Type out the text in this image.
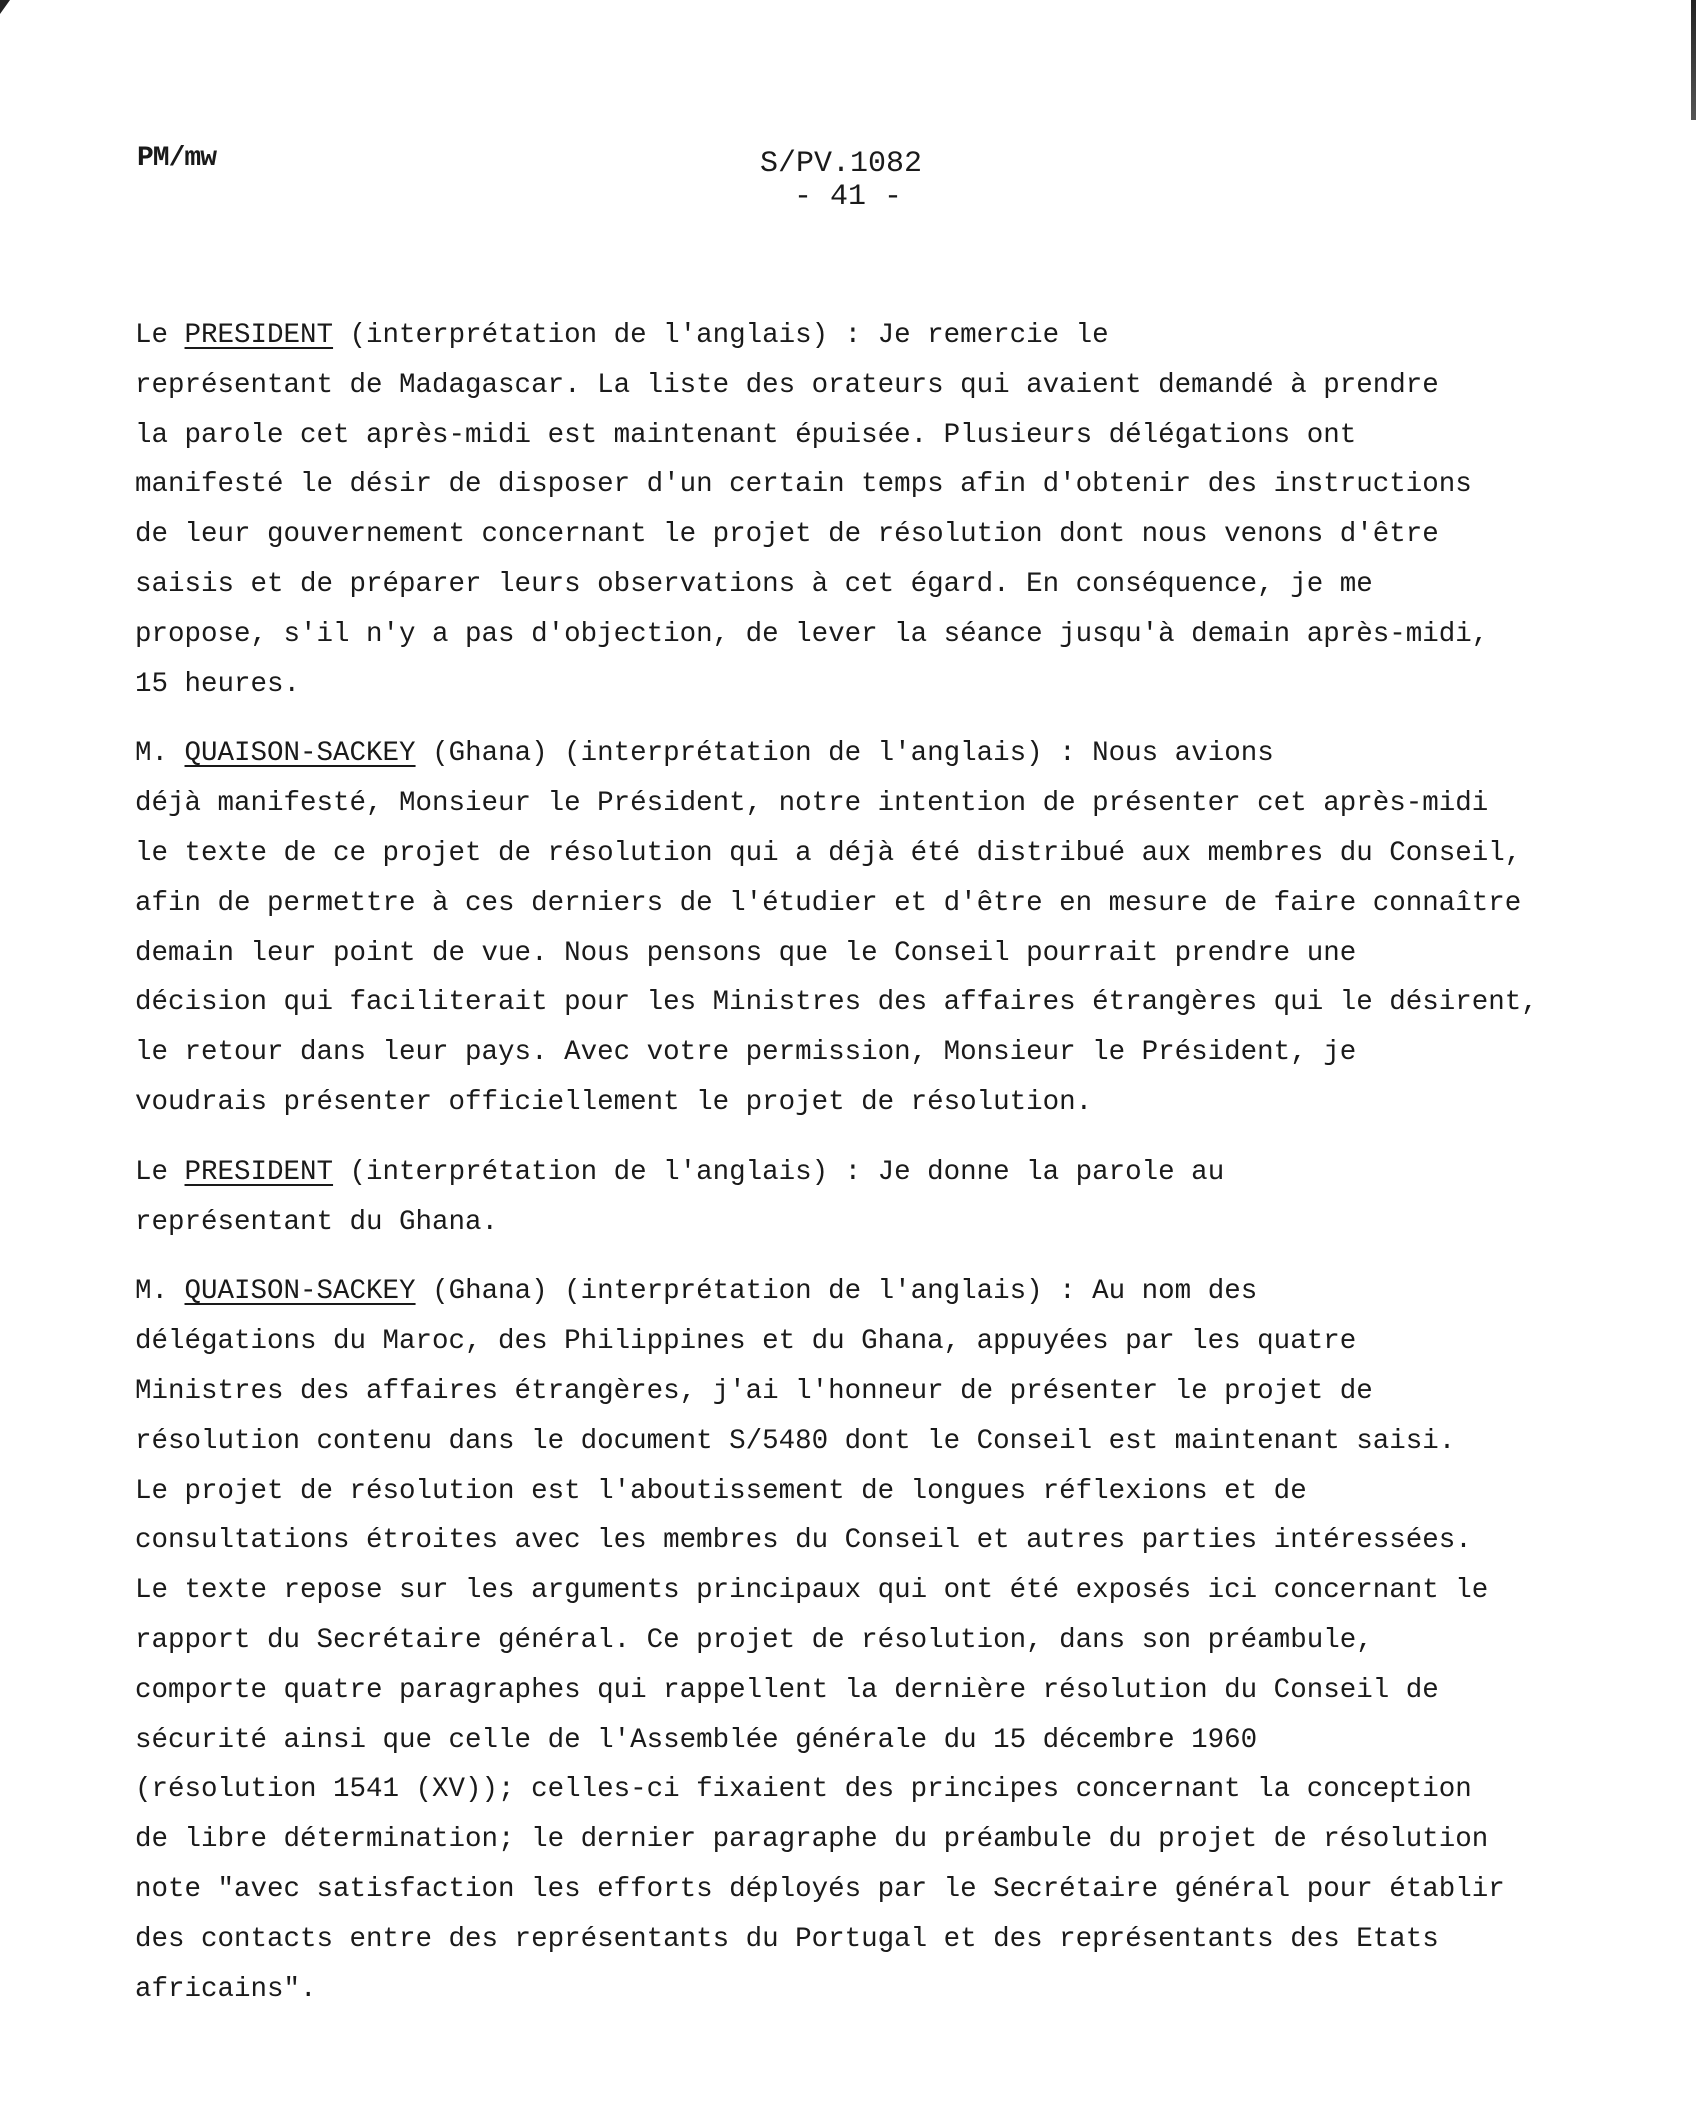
PM/mw	S/PV.1082
- 41 -

Le PRESIDENT (interprétation de l'anglais) : Je remercie le
représentant de Madagascar. La liste des orateurs qui avaient demandé à prendre
la parole cet après-midi est maintenant épuisée. Plusieurs délégations ont
manifesté le désir de disposer d'un certain temps afin d'obtenir des instructions
de leur gouvernement concernant le projet de résolution dont nous venons d'être
saisis et de préparer leurs observations à cet égard. En conséquence, je me
propose, s'il n'y a pas d'objection, de lever la séance jusqu'à demain après-midi,
15 heures.

M. QUAISON-SACKEY (Ghana) (interprétation de l'anglais) : Nous avions
déjà manifesté, Monsieur le Président, notre intention de présenter cet après-midi
le texte de ce projet de résolution qui a déjà été distribué aux membres du Conseil,
afin de permettre à ces derniers de l'étudier et d'être en mesure de faire connaître
demain leur point de vue. Nous pensons que le Conseil pourrait prendre une
décision qui faciliterait pour les Ministres des affaires étrangères qui le désirent,
le retour dans leur pays. Avec votre permission, Monsieur le Président, je
voudrais présenter officiellement le projet de résolution.

Le PRESIDENT (interprétation de l'anglais) : Je donne la parole au
représentant du Ghana.

M. QUAISON-SACKEY (Ghana) (interprétation de l'anglais) : Au nom des
délégations du Maroc, des Philippines et du Ghana, appuyées par les quatre
Ministres des affaires étrangères, j'ai l'honneur de présenter le projet de
résolution contenu dans le document S/5480 dont le Conseil est maintenant saisi.

Le projet de résolution est l'aboutissement de longues réflexions et de
consultations étroites avec les membres du Conseil et autres parties intéressées.
Le texte repose sur les arguments principaux qui ont été exposés ici concernant le
rapport du Secrétaire général. Ce projet de résolution, dans son préambule,
comporte quatre paragraphes qui rappellent la dernière résolution du Conseil de
sécurité ainsi que celle de l'Assemblée générale du 15 décembre 1960
(résolution 1541 (XV)); celles-ci fixaient des principes concernant la conception
de libre détermination; le dernier paragraphe du préambule du projet de résolution
note "avec satisfaction les efforts déployés par le Secrétaire général pour établir
des contacts entre des représentants du Portugal et des représentants des Etats
africains".
